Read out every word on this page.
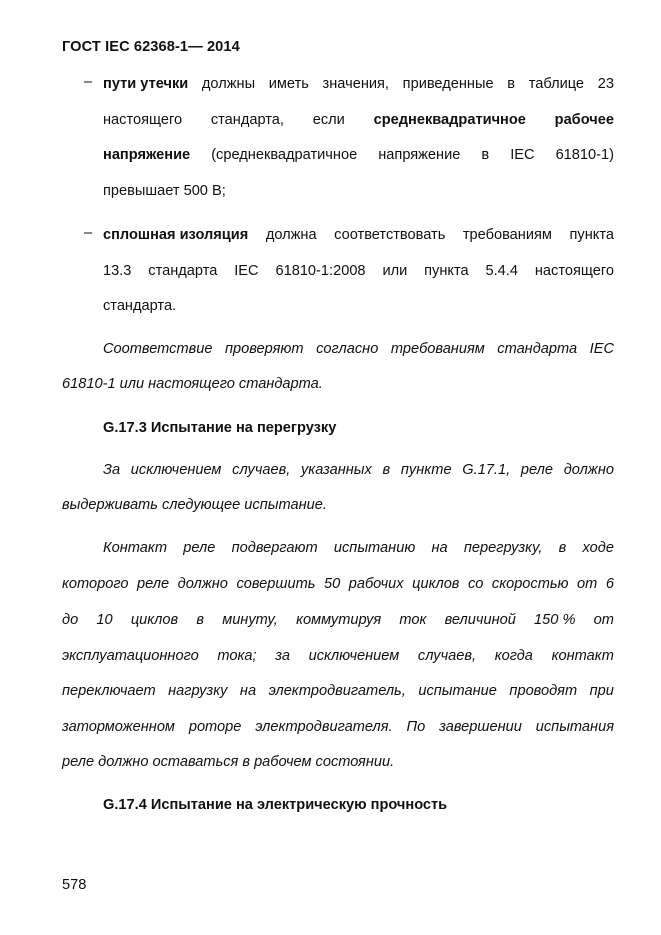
ГОСТ IEC 62368-1— 2014
– пути утечки должны иметь значения, приведенные в таблице 23
настоящего стандарта, если среднеквадратичное рабочее
напряжение (среднеквадратичное напряжение в IEC 61810-1)
превышает 500 В;
– сплошная изоляция должна соответствовать требованиям пункта
13.3 стандарта IEC 61810-1:2008 или пункта 5.4.4 настоящего
стандарта.
Соответствие проверяют согласно требованиям стандарта IEC
61810-1 или настоящего стандарта.
G.17.3 Испытание на перегрузку
За исключением случаев, указанных в пункте G.17.1, реле должно
выдерживать следующее испытание.
Контакт реле подвергают испытанию на перегрузку, в ходе
которого реле должно совершить 50 рабочих циклов со скоростью от 6
до 10 циклов в минуту, коммутируя ток величиной 150 % от
эксплуатационного тока; за исключением случаев, когда контакт
переключает нагрузку на электродвигатель, испытание проводят при
заторможенном роторе электродвигателя. По завершении испытания
реле должно оставаться в рабочем состоянии.
G.17.4 Испытание на электрическую прочность
578
